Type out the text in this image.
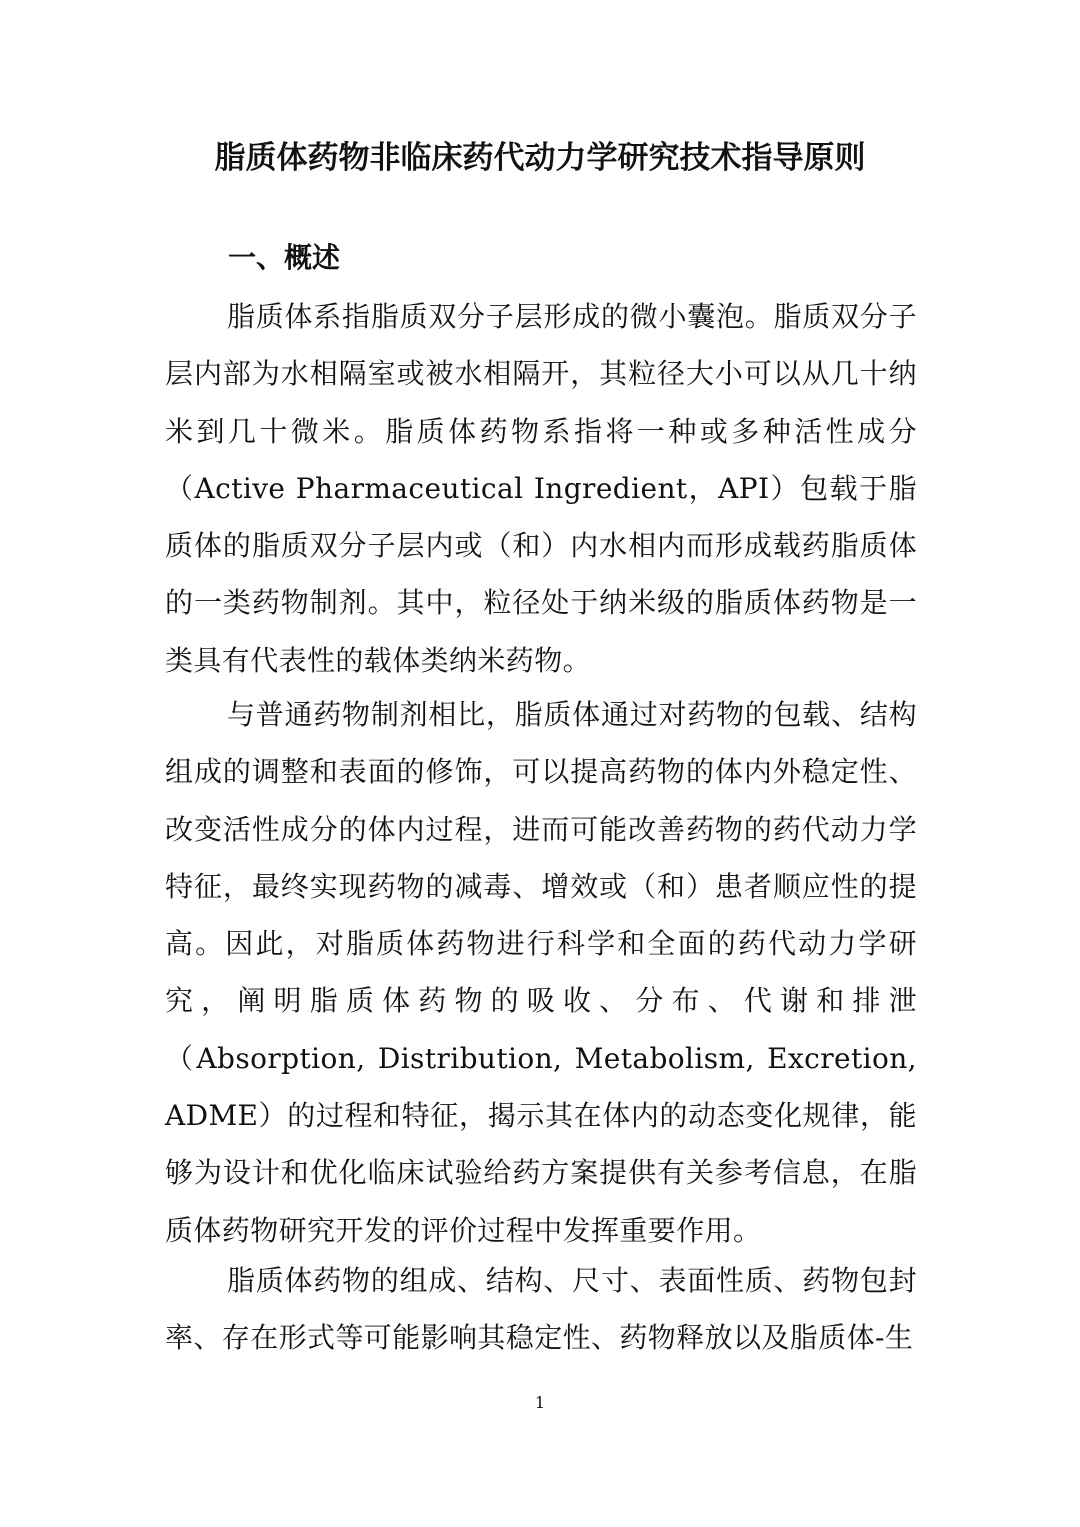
脂质体药物非临床药代动力学研究技术指导原则
一、概述

脂质体系指脂质双分子层形成的微小囊泡。脂质双分子层内部为水相隔室或被水相隔开，其粒径大小可以从几十纳米到几十微米。脂质体药物系指将一种或多种活性成分（Active Pharmaceutical Ingredient，API）包载于脂质体的脂质双分子层内或（和）内水相内而形成载药脂质体的一类药物制剂。其中，粒径处于纳米级的脂质体药物是一类具有代表性的载体类纳米药物。

与普通药物制剂相比，脂质体通过对药物的包载、结构组成的调整和表面的修饰，可以提高药物的体内外稳定性、改变活性成分的体内过程，进而可能改善药物的药代动力学特征，最终实现药物的减毒、增效或（和）患者顺应性的提高。因此，对脂质体药物进行科学和全面的药代动力学研究，阐明脂质体药物的吸收、分布、代谢和排泄（Absorption, Distribution, Metabolism, Excretion, ADME）的过程和特征，揭示其在体内的动态变化规律，能够为设计和优化临床试验给药方案提供有关参考信息，在脂质体药物研究开发的评价过程中发挥重要作用。

脂质体药物的组成、结构、尺寸、表面性质、药物包封率、存在形式等可能影响其稳定性、药物释放以及脂质体-生

1
